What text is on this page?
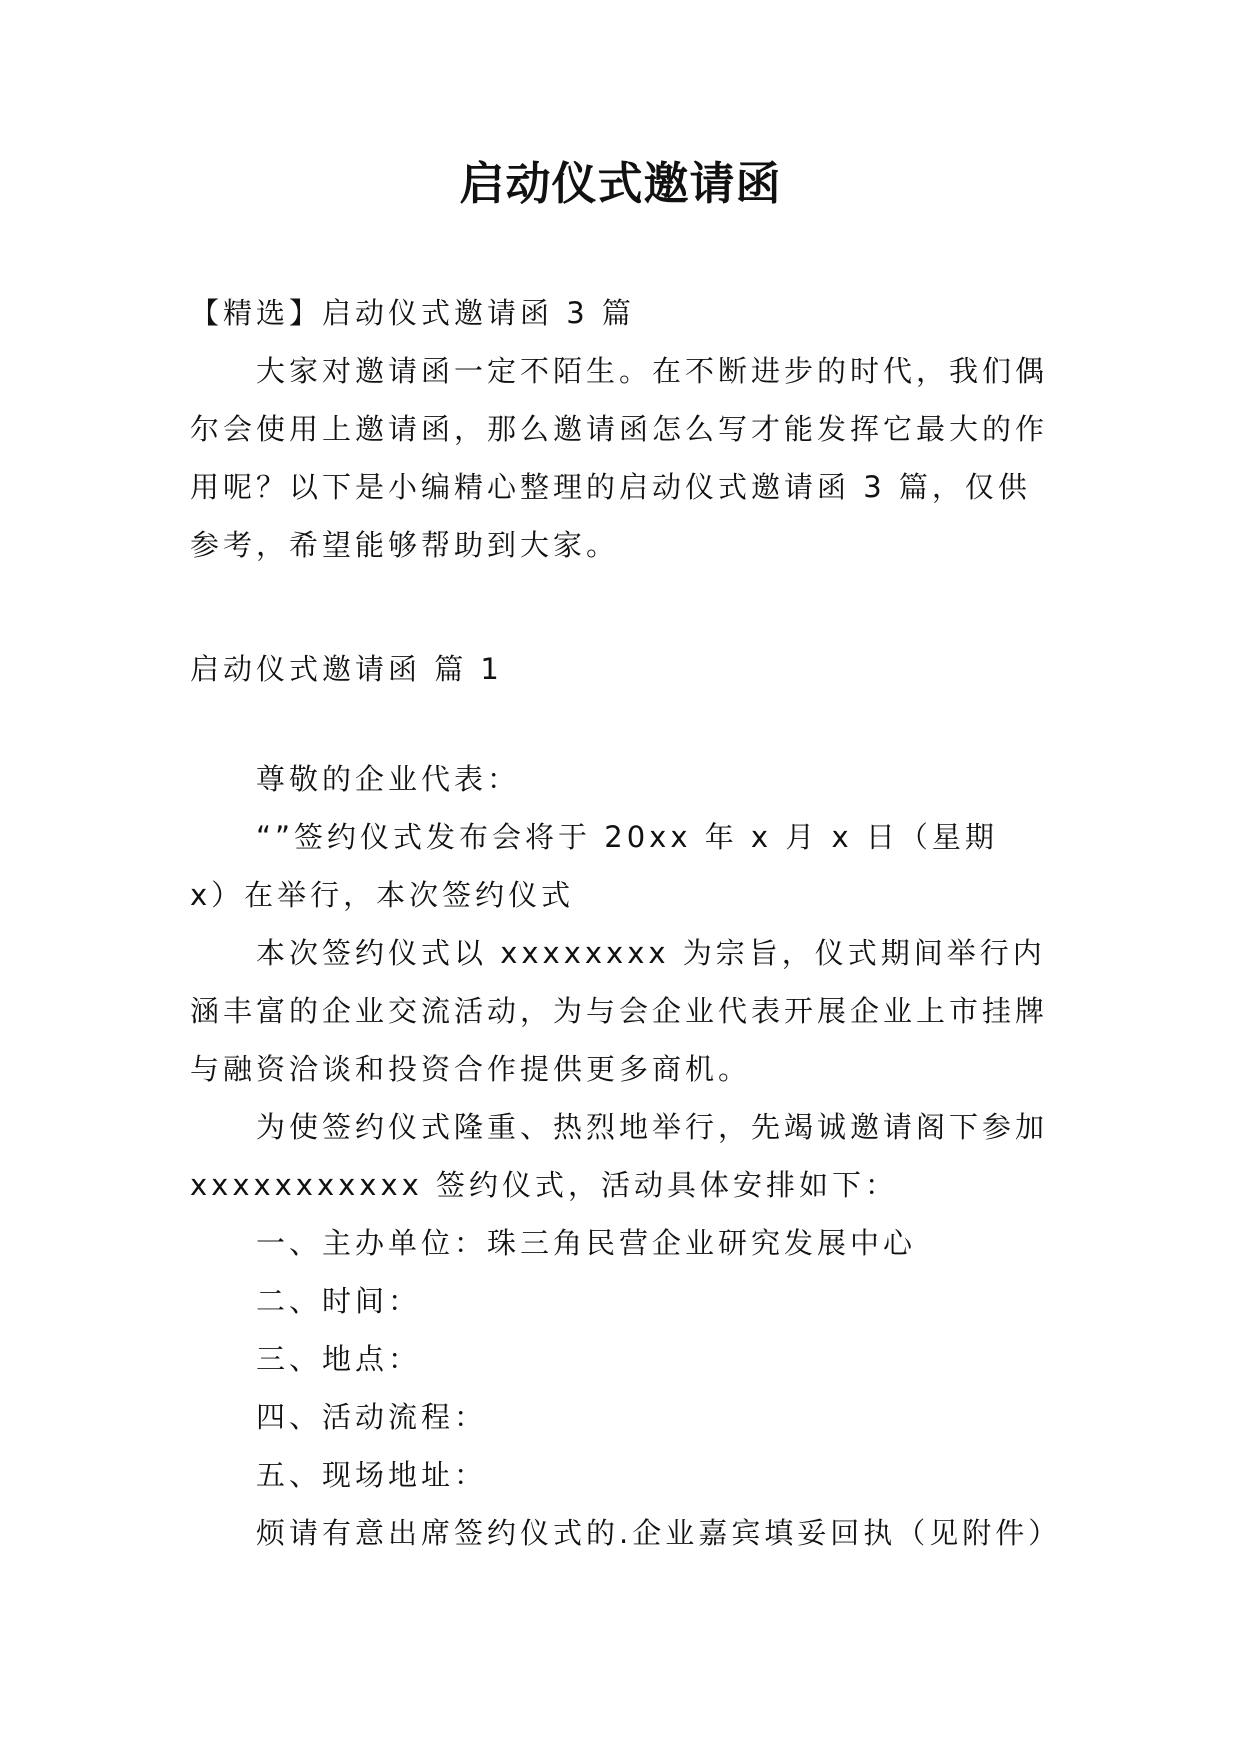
启动仪式邀请函

【精选】启动仪式邀请函 3 篇

大家对邀请函一定不陌生。在不断进步的时代，我们偶尔会使用上邀请函，那么邀请函怎么写才能发挥它最大的作用呢？以下是小编精心整理的启动仪式邀请函 3 篇，仅供参考，希望能够帮助到大家。

启动仪式邀请函 篇 1

尊敬的企业代表：

“”签约仪式发布会将于 20xx 年 x 月 x 日（星期 x）在举行，本次签约仪式

本次签约仪式以 xxxxxxxx 为宗旨，仪式期间举行内涵丰富的企业交流活动，为与会企业代表开展企业上市挂牌与融资洽谈和投资合作提供更多商机。

为使签约仪式隆重、热烈地举行，先竭诚邀请阁下参加 xxxxxxxxxxx 签约仪式，活动具体安排如下：

一、主办单位：珠三角民营企业研究发展中心

二、时间：

三、地点：

四、活动流程：

五、现场地址：

烦请有意出席签约仪式的.企业嘉宾填妥回执（见附件）
